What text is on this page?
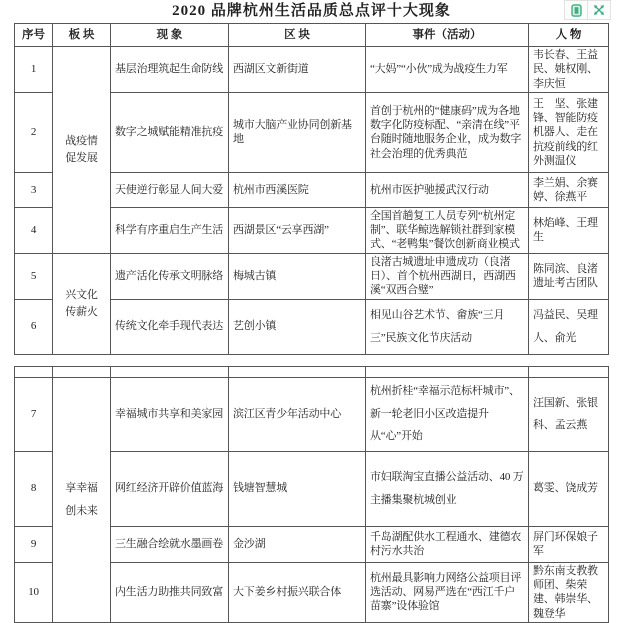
2020 品牌杭州生活品质总点评十大现象
序号	板 块	现 象	区 块	事件（活动）	人 物
1	战疫情促发展	基层治理筑起生命防线	西湖区文新街道	“大妈”“小伙”成为战疫生力军	韦长春、王益民、姚权刚、李庆恒
2		数字之城赋能精准抗疫	城市大脑产业协同创新基地	首创于杭州的“健康码”成为各地数字化防疫标配、“亲清在线”平台随时随地服务企业，成为数字社会治理的优秀典范	王　坚、张建锋、智能防疫机器人、走在抗疫前线的红外测温仪
3		天使逆行彰显人间大爱	杭州市西溪医院	杭州市医护驰援武汉行动	李兰娟、余赛婷、徐燕平
4		科学有序重启生产生活	西湖景区“云享西湖”	全国首趟复工人员专列“杭州定制”、联华鲸选解锁社群到家模式、“老鸭集”餐饮创新商业模式	林焰峰、王理生
5	兴文化传薪火	遗产活化传承文明脉络	梅城古镇	良渚古城遗址申遗成功（良渚日）、首个杭州西湖日，西湖西溪“双西合璧”	陈同滨、良渚遗址考古团队
6		传统文化牵手现代表达	艺创小镇	相见山谷艺术节、畲族“三月三”民族文化节庆活动	冯益民、吴理人、俞光

7	享幸福创未来	幸福城市共享和美家园	滨江区青少年活动中心	杭州折桂“幸福示范标杆城市”、新一轮老旧小区改造提升从“心”开始	汪国新、张银科、孟云燕
8		网红经济开辟价值蓝海	钱塘智慧城	市妇联淘宝直播公益活动、40 万主播集聚杭城创业	葛雯、饶成芳
9		三生融合绘就水墨画卷	金沙湖	千岛湖配供水工程通水、建德农村污水共治	屏门环保娘子军
10		内生活力助推共同致富	大下姜乡村振兴联合体	杭州最具影响力网络公益项目评选活动、网易严选在“西江千户苗寨”设体验馆	黔东南支教教师团、柴荣建、韩崇华、魏登华
